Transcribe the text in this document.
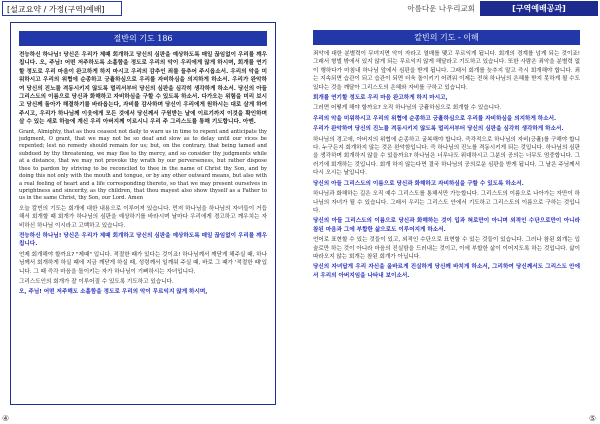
[설교요약 / 가정(구역)예배]	아름다운 나우리교회	[구역예배공과]
절반의 기도 186

전능하신 하나님! 당신은 우리가 제때 회개하고 당신의 심판을 예상하도록 매일 끊임없이 우리를 깨우칩니다. 오, 주님! 어떤 저주하도록 소홀함을 정도로 우리의 악이 우리에게 않게 하시며, 회개를 연기할 정도로 우리 마음이 완고하게 하지 마시고 우리의 감추인 죄를 들추어 주시옵소서. 우리의 악을 미워하시고 우리의 위협에 순종하고 긍휼하심으로 우리를 자비하심을 의지하게 하소서. 우리가 완악하여 당신의 진노를 격동시키지 않도록 멀리서부터 당신의 심판을 심각히 생각하게 하소서. 당신의 아들 그리스도의 이름으로 당신과 화해하고 자비하심을 구할 수 있도록 하소서. 다가오는 위험을 미리 보시고 당신께 돌아가 해결하기를 바라옵는다, 자비를 감사하며 당신이 우리에게 원하시는 대로 살게 하여 주시고, 우리가 하나님께 이웃에게 모든 것에서 당신께서 구원받는 날에 이르기까지 이것을 확인하며 살 수 있는 새로 하늘에 계신 우리 아버지께 이르시니 우리 주 그리스도를 통해 기도합니다. 아멘.

Grant, Almighty, that as thou ceasest not daily to warn us in time to repent and anticipate thy judgment, O grant, that we may not be so deaf and slow as to delay until our vices be repented; lest no remedy should remain for us; but, on the contrary, that being tamed and subdued by thy threatening, we may flee to thy mercy, and so consider thy judgments while at a distance, that we may not provoke thy wrath by our perverseness, but rather dispose thee to pardon by striving to be reconciled to thee in the name of Christ thy Son, and by doing this not only with the mouth and tongue, or by any other outward means, but also with a real feeling of heart and a life corresponding thereto, so that we may present ourselves in uprightness and sincerity, as thy children, that thou mayest also show thyself as a Father to us in the same Christ, thy Son, our Lord. Amen

오늘 칼빈의 기도는 회개에 대한 내용으로 이루어져 있습니다. 먼저 하나님을 하나님의 자녀들이 거듭해서 회개할 때 회개가 하나님의 심판을 예상하기를 바라시며 날마다 우리에게 경고하고 깨우치는 자비하신 하나님 이시라고 고백하고 있습니다.

전능하신 하나님! 당신은 우리가 제때 회개하고 당신의 심판을 예상하도록 매일 끊임없이 우리를 깨우칩니다.

언제 회개해야 할까요? "제때" 입니다. 적절한 때가 있다는 것이죠! 하나님께서 깨닫게 해주실 때, 하나님께서 회개하게 하실 때에 지금 깨닫게 하실 때, 성령께서 일깨워 주실 때, 바로 그 때가 '적절한 때'입니다. 그 때 즉각 마음을 돌이키는 자가 하나님이 기뻐하시는 자녀입니다.

그리스도인의 회개가 잘 이루어질 수 있도록 기도하고 있습니다.

오, 주님! 어떤 저주해도 소홀함을 정도로 우리의 악이 무르익지 않게 하시며,

칼빈의 기도 - 이해

죄악에 대한 분별력이 무뎌지면 악이 자라고 열매를 맺고 무르익게 됩니다. 회개의 경계를 넘게 되는 것이죠! 그래서 형벌 밖에서 있지 않게 되는 무르익지 않게 해달라고 기도하고 있습니다. 또한 사람은 죄악을 분별력 없이 행하다가 마침내 하나님 앞에서 심판을 받게 됩니다. 그래서 회개를 늦추지 말고 즉시 회개해야 합니다. 죄는 지속되면 습관이 되고 습관이 되면 더욱 돌이키기 어려워 이제는 전혀 하나님의 은혜를 받지 못하게 될 수도 있다는 것을 깨달아 그리스도의 은혜와 자비를 구하고 있습니다.

회개를 연기할 정도로 우리 마음 완고하게 하지 마시고,

그러면 어떻게 해야 할까요? 오직 하나님의 긍휼하심으로 회개할 수 있습니다.

우리의 악을 미워하시고 우리의 위협에 순종하고 긍휼하심으로 우리를 자비하심을 의지하게 하소서.

우리가 완악하여 당신의 진노를 격동시키지 않도록 멀리서부터 당신의 심판을 심각히 생각하게 하소서.

하나님의 경고에, 아버지의 위협에 순종하고 굴복해야 합니다. 즉각적으로 하나님의 자비(긍휼)를 구해야 합니다. 누구든지 회개하지 않는 것은 완악함입니다. 즉 하나님의 진노를 격동시키게 되는 것입니다. 하나님의 심판을 생각하며 회개하지 않을 수 있을까요? 하나님은 너무나도 위대하시고 그분의 공의는 너무도 엄중합니다. 그러기에 회개하는 것입니다. 회개 하지 않는다면 결국 하나님의 공의로운 심판을 받게 됩니다. 그 날은 주님께서 다시 오시는 날입니다.

당신의 아들 그리스도의 이름으로 당신과 화해하고 자비하심을 구할 수 있도록 하소서.

하나님과 화해하는 길은 오직 예수 그리스도를 통해서만 가능합니다. 그리스도의 이름으로 나아가는 자만이 하나님의 자녀가 될 수 있습니다. 그래서 우리는 그리스도 안에서 기도하고 그리스도의 이름으로 구하는 것입니다.

당신의 아들 그리스도의 이름으로 당신과 화해하는 것이 입과 혀로만이 아니며 외적인 수단으로만이 아니라 참된 마음과 그에 부합한 삶으로도 이루어지게 하소서.

언어로 표현할 수 있는 것들이 있고, 외적인 수단으로 표현할 수 있는 것들이 있습니다. 그러나 참된 회개는 입술로만 하는 것이 아니라 마음의 진실함을 드러내는 것이고, 이에 부합한 삶이 이어지도록 하는 것입니다. 삶이 따라오지 않는 회개는 참된 회개가 아닙니다.

당신의 자녀답게 우리 자신을 올바르게 진실하게 당신께 바치게 하소서, 그리하여 당신께서도 그리스도 안에서 우리의 아버지임을 나타내 보이소서.

④	⑤
